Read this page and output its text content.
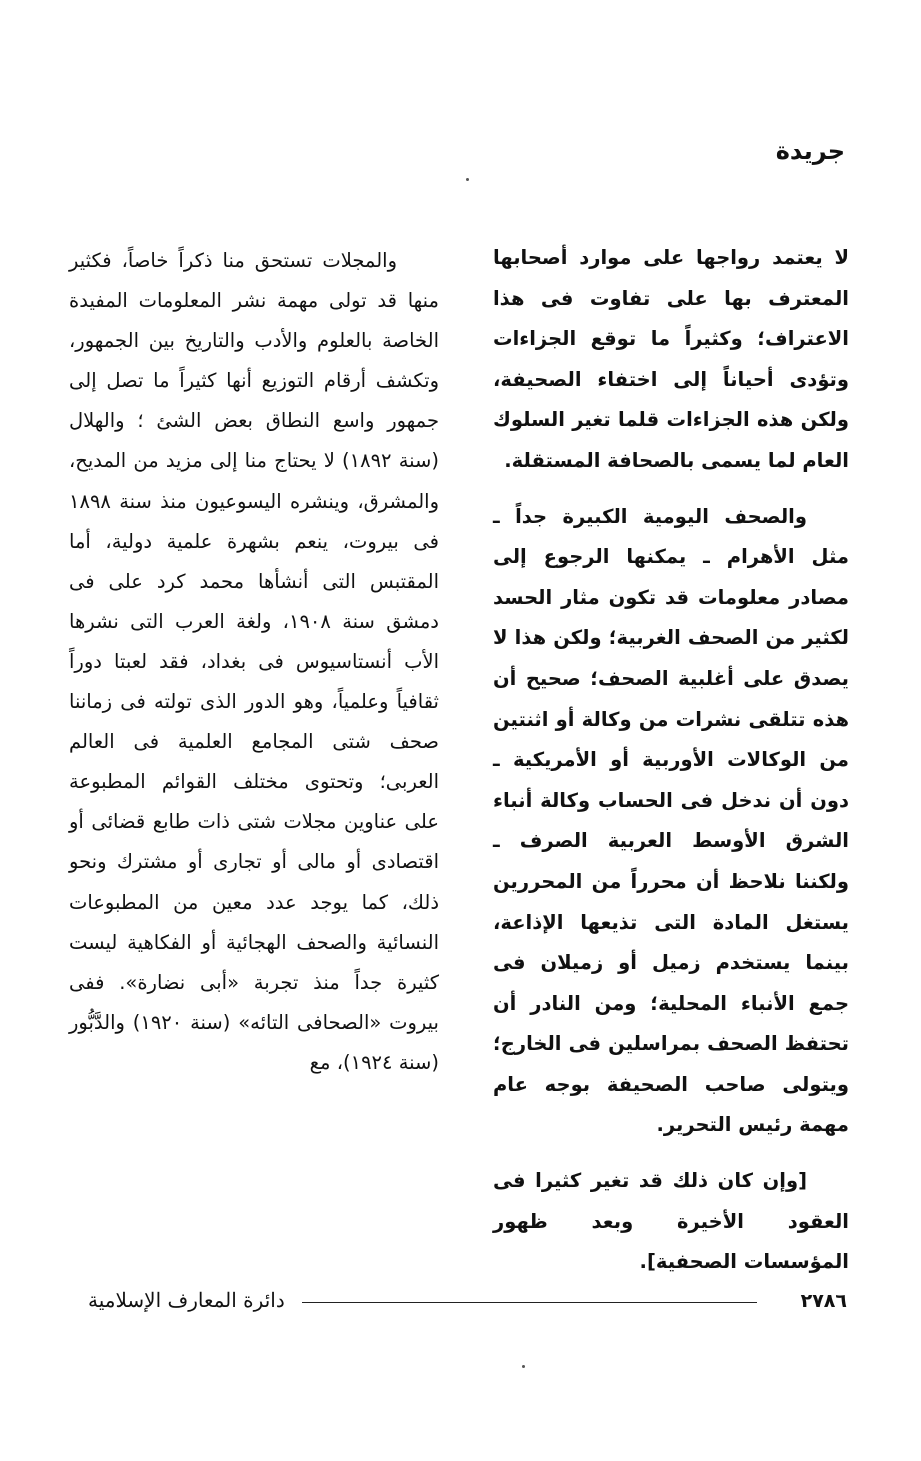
جريدة

لا يعتمد رواجها على موارد أصحابها المعترف بها على تفاوت فى هذا الاعتراف؛ وكثيراً ما توقع الجزاءات وتؤدى أحياناً إلى اختفاء الصحيفة، ولكن هذه الجزاءات قلما تغير السلوك العام لما يسمى بالصحافة المستقلة.

والصحف اليومية الكبيرة جداً ـ مثل الأهرام ـ يمكنها الرجوع إلى مصادر معلومات قد تكون مثار الحسد لكثير من الصحف الغربية؛ ولكن هذا لا يصدق على أغلبية الصحف؛ صحيح أن هذه تتلقى نشرات من وكالة أو اثنتين من الوكالات الأوربية أو الأمريكية ـ دون أن ندخل فى الحساب وكالة أنباء الشرق الأوسط العربية الصرف ـ ولكننا نلاحظ أن محرراً من المحررين يستغل المادة التى تذيعها الإذاعة، بينما يستخدم زميل أو زميلان فى جمع الأنباء المحلية؛ ومن النادر أن تحتفظ الصحف بمراسلين فى الخارج؛ ويتولى صاحب الصحيفة بوجه عام مهمة رئيس التحرير.

[وإن كان ذلك قد تغير كثيرا فى العقود الأخيرة وبعد ظهور المؤسسات الصحفية].

والمجلات تستحق منا ذكراً خاصاً، فكثير منها قد تولى مهمة نشر المعلومات المفيدة الخاصة بالعلوم والأدب والتاريخ بين الجمهور، وتكشف أرقام التوزيع أنها كثيراً ما تصل إلى جمهور واسع النطاق بعض الشئ ؛ والهلال (سنة ١٨٩٢) لا يحتاج منا إلى مزيد من المديح، والمشرق، وينشره اليسوعيون منذ سنة ١٨٩٨ فى بيروت، ينعم بشهرة علمية دولية، أما المقتبس التى أنشأها محمد كرد على فى دمشق سنة ١٩٠٨، ولغة العرب التى نشرها الأب أنستاسيوس فى بغداد، فقد لعبتا دوراً ثقافياً وعلمياً، وهو الدور الذى تولته فى زماننا صحف شتى المجامع العلمية فى العالم العربى؛ وتحتوى مختلف القوائم المطبوعة على عناوين مجلات شتى ذات طابع قضائى أو اقتصادى أو مالى أو تجارى أو مشترك ونحو ذلك، كما يوجد عدد معين من المطبوعات النسائية والصحف الهجائية أو الفكاهية ليست كثيرة جداً منذ تجربة «أبى نضارة». ففى بيروت «الصحافى التائه» (سنة ١٩٢٠) والدَّبُّور (سنة ١٩٢٤)، مع

٢٧٨٦
دائرة المعارف الإسلامية
